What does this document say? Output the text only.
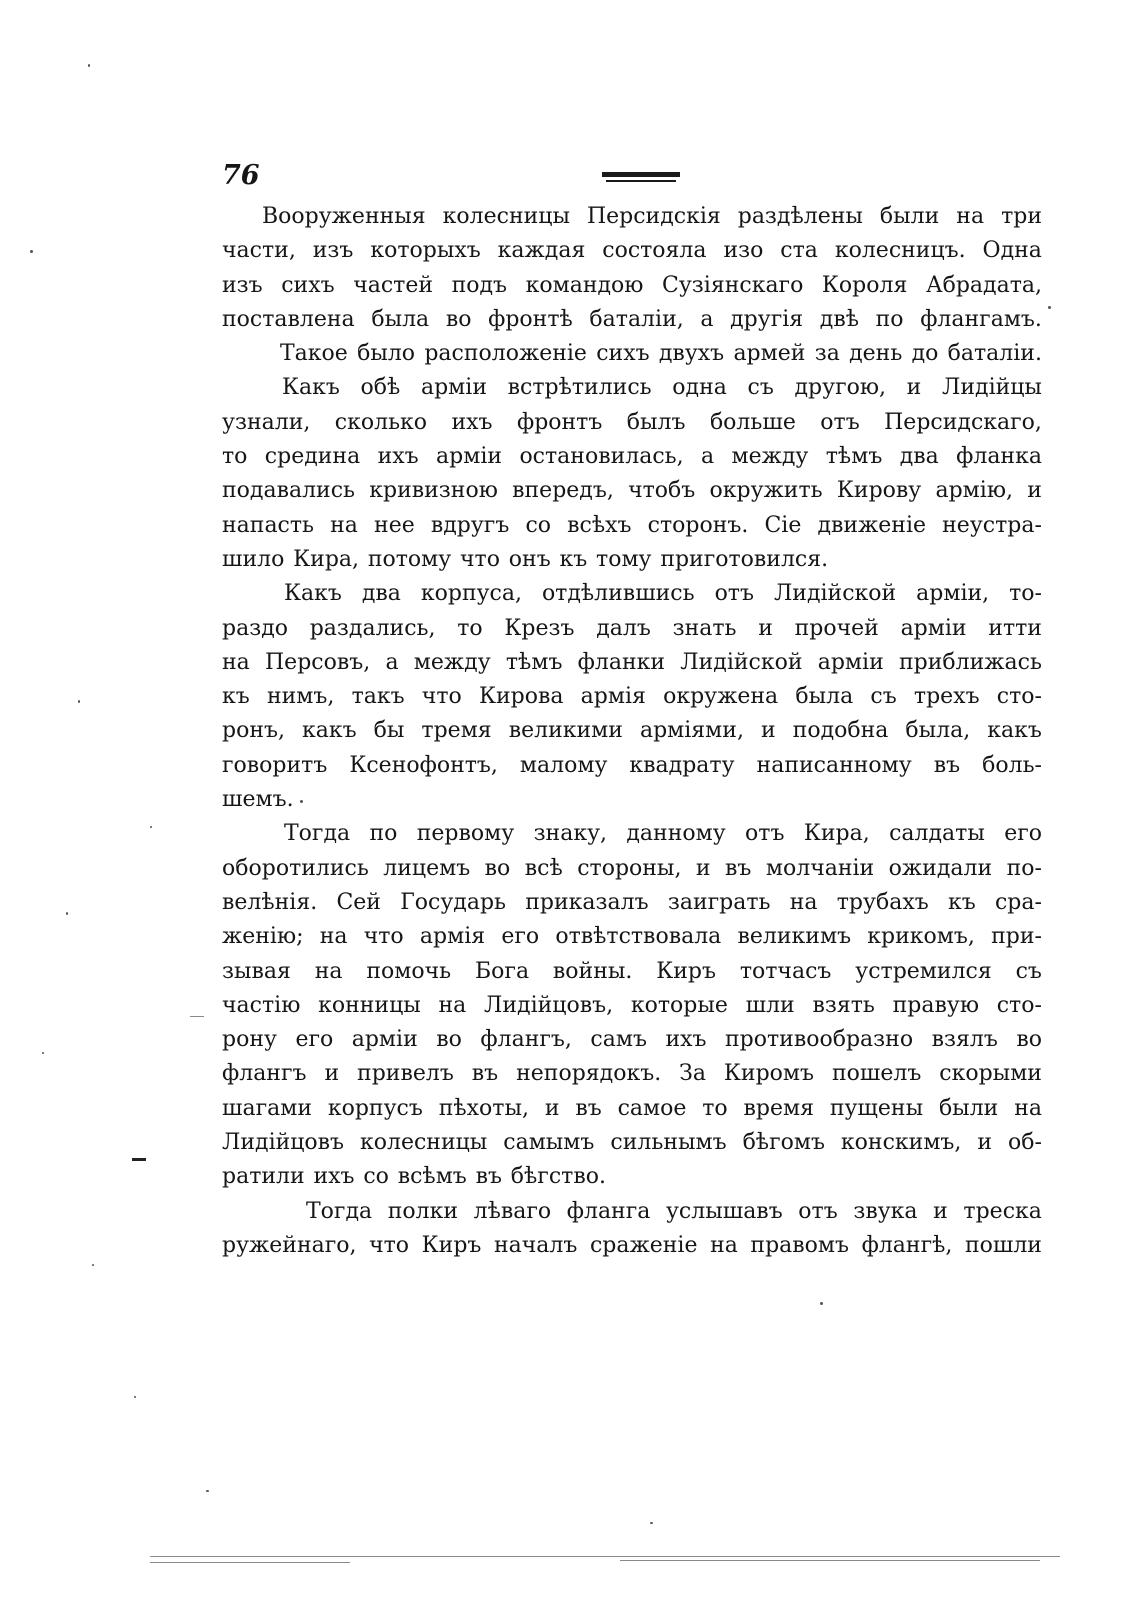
76
Вооруженныя колесницы Персидскія раздѣлены были на три
части, изъ которыхъ каждая состояла изо ста колесницъ. Одна
изъ сихъ частей подъ командою Сузіянскаго Короля Абрадата,
поставлена была во фронтѣ баталіи, а другія двѣ по флангамъ.
Такое было расположеніе сихъ двухъ армей за день до баталіи.
Какъ обѣ арміи встрѣтились одна съ другою, и Лидійцы
узнали, сколько ихъ фронтъ былъ больше отъ Персидскаго,
то средина ихъ арміи остановилась, а между тѣмъ два фланка
подавались кривизною впередъ, чтобъ окружить Кирову армію, и
напасть на нее вдругъ со всѣхъ сторонъ. Сіе движеніе неустра-
шило Кира, потому что онъ къ тому приготовился.
Какъ два корпуса, отдѣлившись отъ Лидійской арміи, то-
раздо раздались, то Крезъ далъ знать и прочей арміи итти
на Персовъ, а между тѣмъ фланки Лидійской арміи приближась
къ нимъ, такъ что Кирова армія окружена была съ трехъ сто-
ронъ, какъ бы тремя великими арміями, и подобна была, какъ
говоритъ Ксенофонтъ, малому квадрату написанному въ боль-
шемъ.
Тогда по первому знаку, данному отъ Кира, салдаты его
оборотились лицемъ во всѣ стороны, и въ молчаніи ожидали по-
велѣнія. Сей Государь приказалъ заиграть на трубахъ къ сра-
женію; на что армія его отвѣтствовала великимъ крикомъ, при-
зывая на помочь Бога войны. Киръ тотчасъ устремился съ
частію конницы на Лидійцовъ, которые шли взять правую сто-
рону его арміи во флангъ, самъ ихъ противообразно взялъ во
флангъ и привелъ въ непорядокъ. За Киромъ пошелъ скорыми
шагами корпусъ пѣхоты, и въ самое то время пущены были на
Лидійцовъ колесницы самымъ сильнымъ бѣгомъ конскимъ, и об-
ратили ихъ со всѣмъ въ бѣгство.
Тогда полки лѣваго фланга услышавъ отъ звука и треска
ружейнаго, что Киръ началъ сраженіе на правомъ флангѣ, пошли
